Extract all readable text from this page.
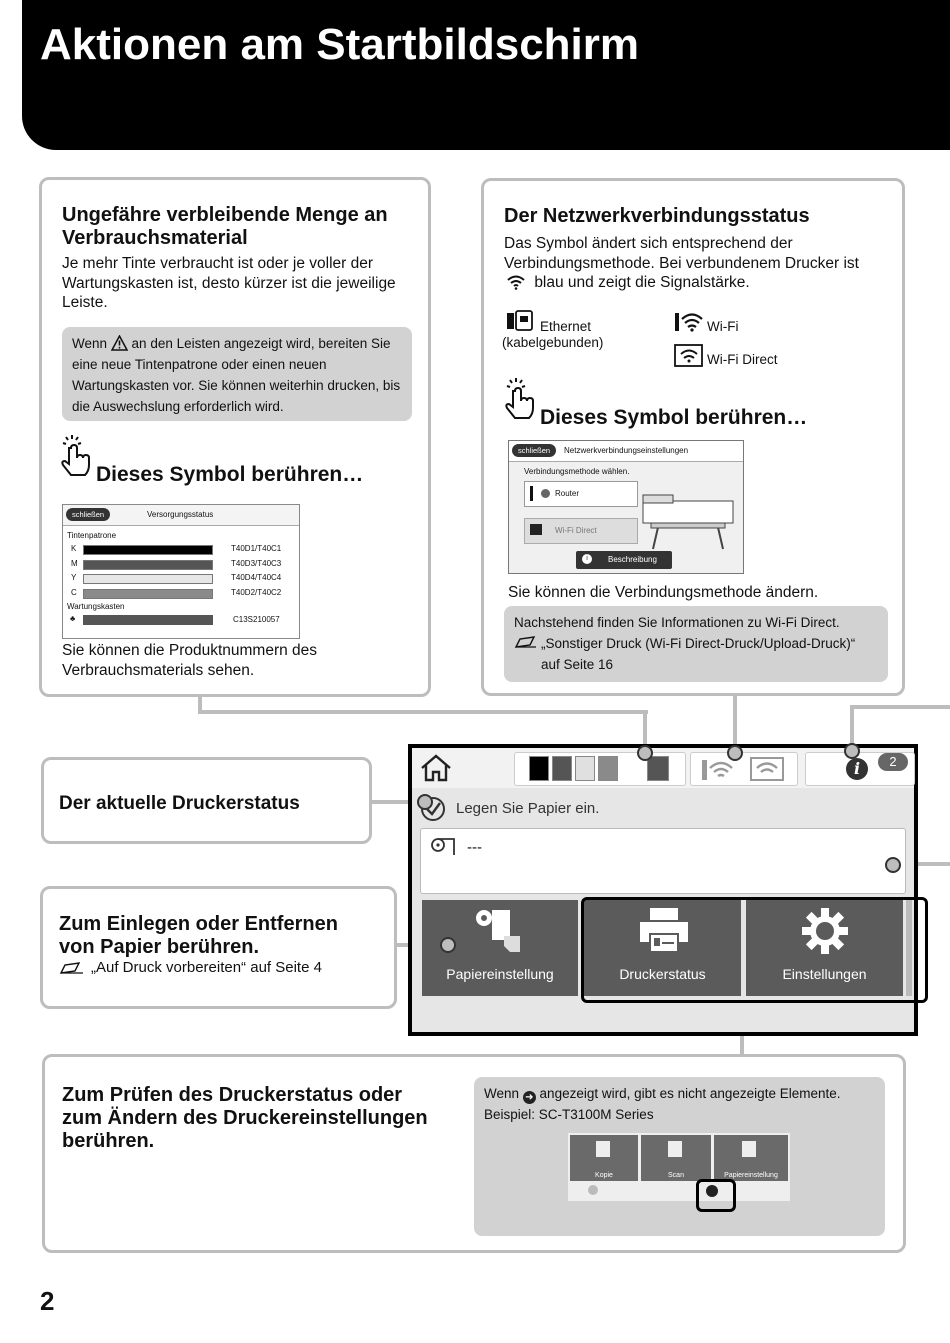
Aktionen am Startbildschirm
Ungefähre verbleibende Menge an Verbrauchsmaterial
Je mehr Tinte verbraucht ist oder je voller der Wartungskasten ist, desto kürzer ist die jeweilige Leiste.
Wenn  an den Leisten angezeigt wird, bereiten Sie eine neue Tintenpatrone oder einen neuen Wartungskasten vor. Sie können weiterhin drucken, bis die Auswechslung erforderlich wird.
Dieses Symbol berühren…
schließen	Versorgungsstatus
Tintenpatrone
K	T40D1/T40C1
M	T40D3/T40C3
Y	T40D4/T40C4
C	T40D2/T40C2
Wartungskasten
♣	C13S210057
Sie können die Produktnummern des Verbrauchsmaterials sehen.
Der Netzwerkverbindungsstatus
Das Symbol ändert sich entsprechend der Verbindungsmethode. Bei verbundenem Drucker ist
blau und zeigt die Signalstärke.
Ethernet
(kabelgebunden)
Wi-Fi
Wi-Fi Direct
Dieses Symbol berühren…
schließen	Netzwerkverbindungseinstellungen
Verbindungsmethode wählen.
Router
Wi-Fi Direct
i	Beschreibung
Sie können die Verbindungsmethode ändern.
Nachstehend finden Sie Informationen zu Wi-Fi Direct.
„Sonstiger Druck (Wi-Fi Direct-Druck/Upload-Druck)“
auf Seite 16
Der aktuelle Druckerstatus
Zum Einlegen oder Entfernen
von Papier berühren.
„Auf Druck vorbereiten“ auf Seite 4
i	2
Legen Sie Papier ein.
---
Papiereinstellung	Druckerstatus	Einstellungen
Zum Prüfen des Druckerstatus oder
zum Ändern des Druckereinstellungen
berühren.
Wenn ➜ angezeigt wird, gibt es nicht angezeigte Elemente.
Beispiel: SC-T3100M Series
Kopie	Scan	Papiereinstellung
2
